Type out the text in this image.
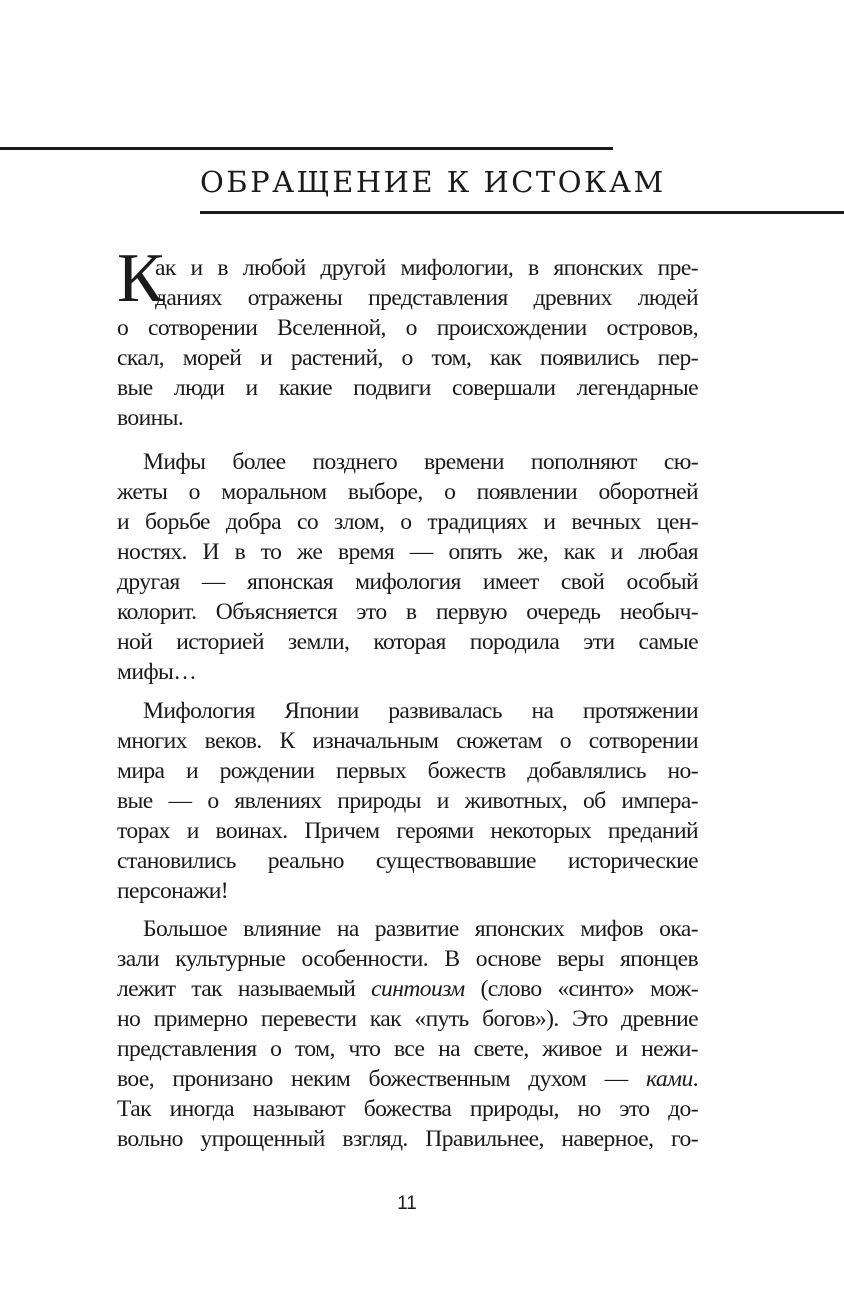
ОБРАЩЕНИЕ К ИСТОКАМ
К
ак и в любой другой мифологии, в японских пре-
даниях отражены представления древних людей
о сотворении Вселенной, о происхождении островов,
скал, морей и растений, о том, как появились пер-
вые люди и какие подвиги совершали легендарные
воины.
Мифы более позднего времени пополняют сю-
жеты о моральном выборе, о появлении оборотней
и борьбе добра со злом, о традициях и вечных цен-
ностях. И в то же время — опять же, как и любая
другая — японская мифология имеет свой особый
колорит. Объясняется это в первую очередь необыч-
ной историей земли, которая породила эти самые
мифы…
Мифология Японии развивалась на протяжении
многих веков. К изначальным сюжетам о сотворении
мира и рождении первых божеств добавлялись но-
вые — о явлениях природы и животных, об импера-
торах и воинах. Причем героями некоторых преданий
становились реально существовавшие исторические
персонажи!
Большое влияние на развитие японских мифов ока-
зали культурные особенности. В основе веры японцев
лежит так называемый синтоизм (слово «синто» мож-
но примерно перевести как «путь богов»). Это древние
представления о том, что все на свете, живое и нежи-
вое, пронизано неким божественным духом — ками.
Так иногда называют божества природы, но это до-
вольно упрощенный взгляд. Правильнее, наверное, го-
11
